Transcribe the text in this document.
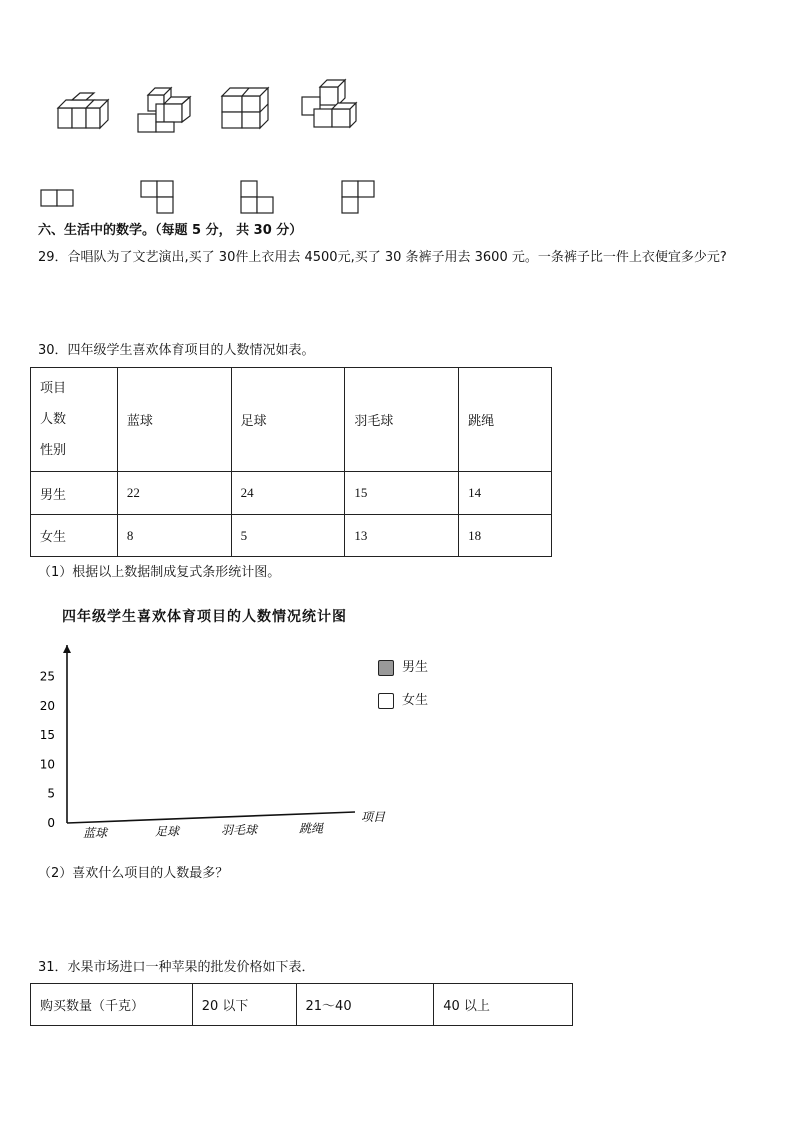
六、生活中的数学。（每题 5 分， 共 30 分）
29．合唱队为了文艺演出,买了 30件上衣用去 4500元,买了 30 条裤子用去 3600 元。一条裤子比一件上衣便宜多少元?
30．四年级学生喜欢体育项目的人数情况如表。
项目
人数
性别	蓝球	足球	羽毛球	跳绳
男生	22	24	15	14
女生	8	5	13	18
（1）根据以上数据制成复式条形统计图。
四年级学生喜欢体育项目的人数情况统计图
0
5
10
15
20
25
蓝球	足球	羽毛球	跳绳
项目
男生
女生
（2）喜欢什么项目的人数最多？
31．水果市场进口一种苹果的批发价格如下表．
购买数量（千克）	20 以下	21～40	40 以上
